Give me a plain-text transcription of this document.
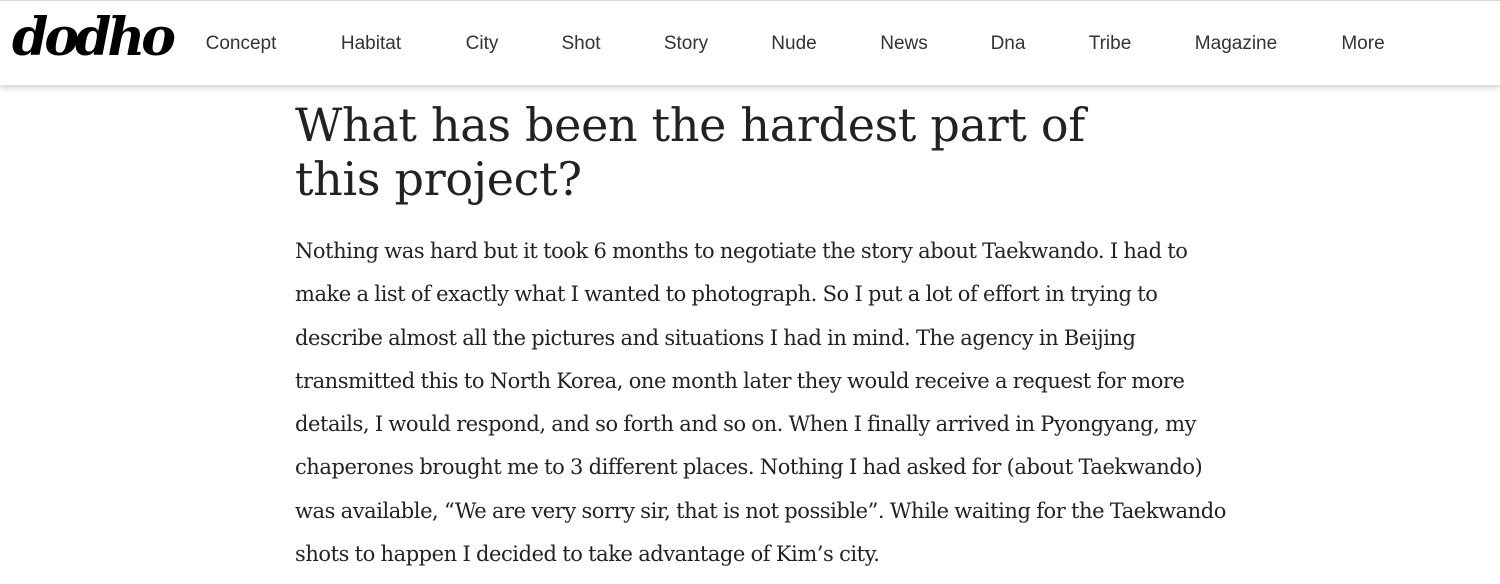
dodho Concept	Habitat	City	Shot	Story	Nude	News	Dna	Tribe	Magazine	More
What has been the hardest part of this project?

Nothing was hard but it took 6 months to negotiate the story about Taekwando. I had to make a list of exactly what I wanted to photograph. So I put a lot of effort in trying to describe almost all the pictures and situations I had in mind. The agency in Beijing transmitted this to North Korea, one month later they would receive a request for more details, I would respond, and so forth and so on. When I finally arrived in Pyongyang, my chaperones brought me to 3 different places. Nothing I had asked for (about Taekwando) was available, “We are very sorry sir, that is not possible”. While waiting for the Taekwando shots to happen I decided to take advantage of Kim’s city.
